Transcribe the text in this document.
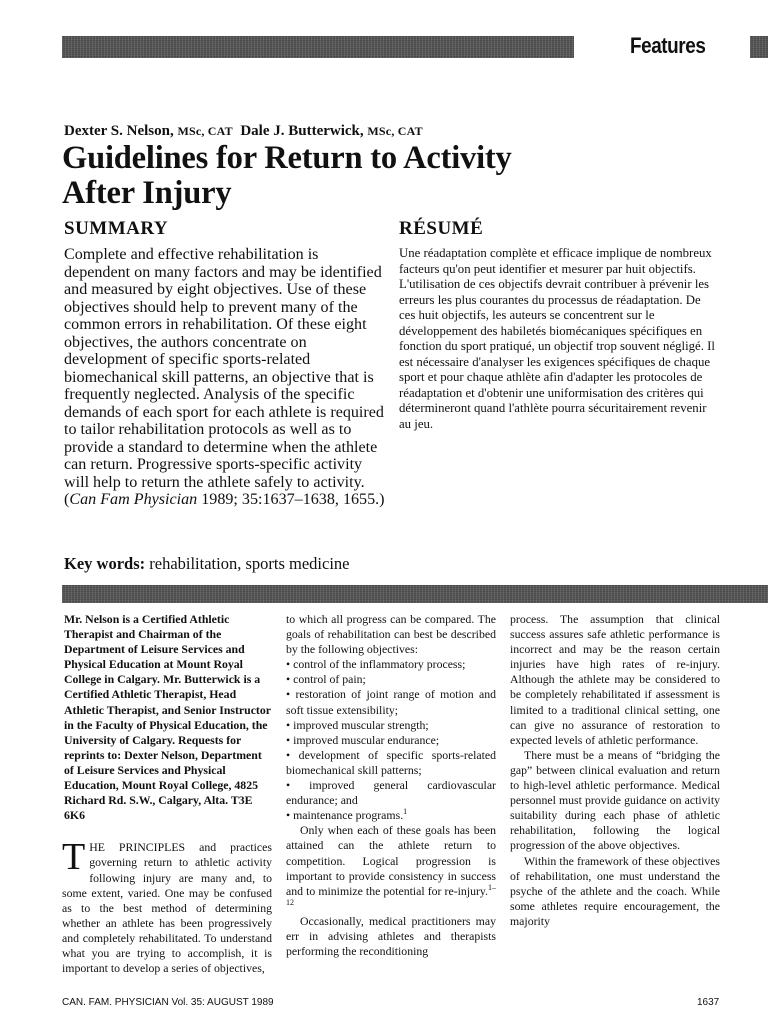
Features
Dexter S. Nelson, MSc, CAT Dale J. Butterwick, MSc, CAT
Guidelines for Return to Activity
After Injury
SUMMARY	RÉSUMÉ

Complete and effective rehabilitation is dependent on many factors and may be identified and measured by eight objectives. Use of these objectives should help to prevent many of the common errors in rehabilitation. Of these eight objectives, the authors concentrate on development of specific sports-related biomechanical skill patterns, an objective that is frequently neglected. Analysis of the specific demands of each sport for each athlete is required to tailor rehabilitation protocols as well as to provide a standard to determine when the athlete can return. Progressive sports-specific activity will help to return the athlete safely to activity. (Can Fam Physician 1989; 35:1637–1638, 1655.)

Une réadaptation complète et efficace implique de nombreux facteurs qu'on peut identifier et mesurer par huit objectifs. L'utilisation de ces objectifs devrait contribuer à prévenir les erreurs les plus courantes du processus de réadaptation. De ces huit objectifs, les auteurs se concentrent sur le développement des habiletés biomécaniques spécifiques en fonction du sport pratiqué, un objectif trop souvent négligé. Il est nécessaire d'analyser les exigences spécifiques de chaque sport et pour chaque athlète afin d'adapter les protocoles de réadaptation et d'obtenir une uniformisation des critères qui détermineront quand l'athlète pourra sécuritairement revenir au jeu.

Key words: rehabilitation, sports medicine

Mr. Nelson is a Certified Athletic Therapist and Chairman of the Department of Leisure Services and Physical Education at Mount Royal College in Calgary. Mr. Butterwick is a Certified Athletic Therapist, Head Athletic Therapist, and Senior Instructor in the Faculty of Physical Education, the University of Calgary. Requests for reprints to: Dexter Nelson, Department of Leisure Services and Physical Education, Mount Royal College, 4825 Richard Rd. S.W., Calgary, Alta. T3E 6K6

THE PRINCIPLES and practices governing return to athletic activity following injury are many and, to some extent, varied. One may be confused as to the best method of determining whether an athlete has been progressively and completely rehabilitated. To understand what you are trying to accomplish, it is important to develop a series of objectives,

to which all progress can be compared. The goals of rehabilitation can best be described by the following objectives:

• control of the inflammatory process;
• control of pain;
• restoration of joint range of motion and soft tissue extensibility;
• improved muscular strength;
• improved muscular endurance;
• development of specific sports-related biomechanical skill patterns;
• improved general cardiovascular endurance; and
• maintenance programs.$^1$

Only when each of these goals has been attained can the athlete return to competition. Logical progression is important to provide consistency in success and to minimize the potential for re-injury.$^{1-12}$

Occasionally, medical practitioners may err in advising athletes and therapists performing the reconditioning

process. The assumption that clinical success assures safe athletic performance is incorrect and may be the reason certain injuries have high rates of re-injury. Although the athlete may be considered to be completely rehabilitated if assessment is limited to a traditional clinical setting, one can give no assurance of restoration to expected levels of athletic performance.

There must be a means of “bridging the gap” between clinical evaluation and return to high-level athletic performance. Medical personnel must provide guidance on activity suitability during each phase of athletic rehabilitation, following the logical progression of the above objectives.

Within the framework of these objectives of rehabilitation, one must understand the psyche of the athlete and the coach. While some athletes require encouragement, the majority

CAN. FAM. PHYSICIAN Vol. 35: AUGUST 1989	1637
